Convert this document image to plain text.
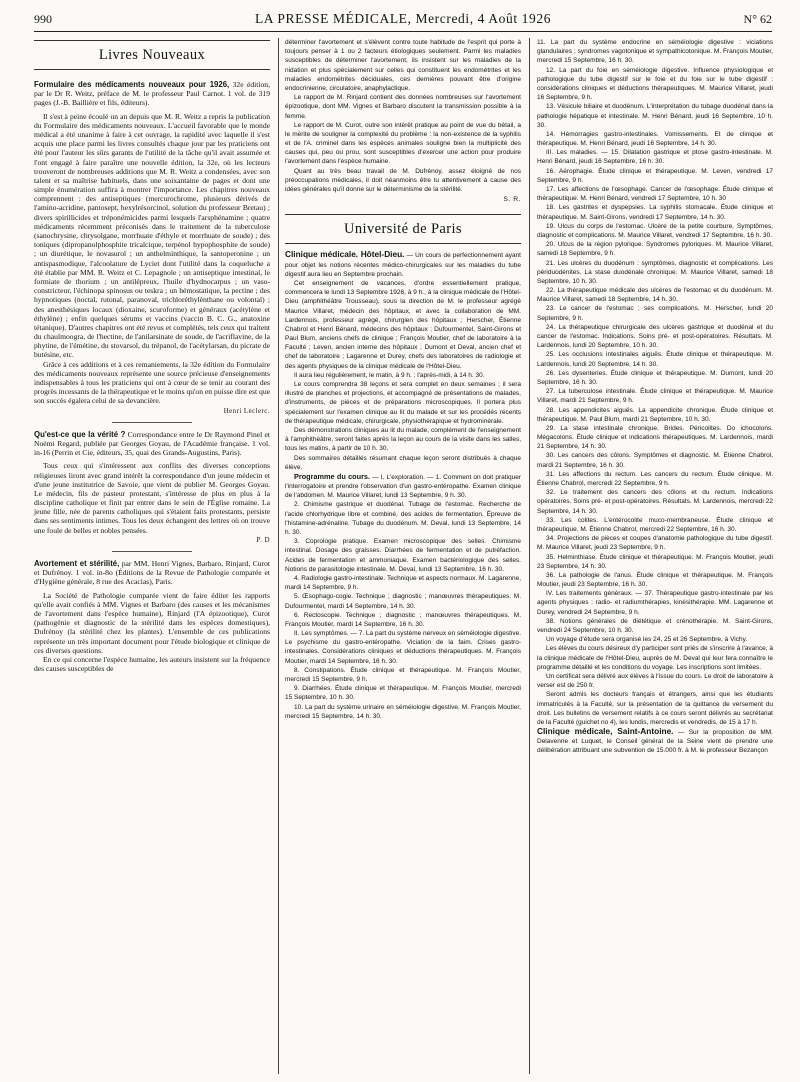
990	LA PRESSE MÉDICALE, Mercredi, 4 Août 1926	N° 62
Livres Nouveaux

Formulaire des médicaments nouveaux pour 1926, 32e édition, par le Dr R. Weitz, préface de M. le professeur Paul Carnot. 1 vol. de 319 pages (J.-B. Baillière et fils, éditeurs).

Il s'est à peine écoulé un an depuis que M. R. Weitz a repris la publication du Formulaire des médicaments nouveaux. L'accueil favorable que le monde médical a été unanime à faire à cet ouvrage, la rapidité avec laquelle il s'est acquis une place parmi les livres consultés chaque jour par les praticiens ont été pour l'auteur les sûrs garants de l'utilité de la tâche qu'il avait assumée et l'ont engagé à faire paraître une nouvelle édition, la 32e, où les lecteurs trouveront de nombreuses additions que M. R. Weitz a condensées, avec son talent et sa maîtrise habituels, dans une soixantaine de pages et dont une simple énumération suffira à montrer l'importance. Les chapitres nouveaux comprennent : des antiseptiques (mercurochrome, plusieurs dérivés de l'amino-acridine, pantosept, hexylrésorcinol, solution du professeur Bretau) ; divers spirillicides et tréponémicides parmi lesquels l'arsphénamine ; quatre médicaments récemment préconisés dans le traitement de la tuberculose (sanochrysine, chrysolgane, morrhuate d'éthyle et morrhuate de soude) ; des toniques (dipropanolphosphite tricalcique, terpénol hypophosphite de soude) ; un diurétique, le novasurol ; un anthelminthique, la santoperonine ; un antispasmodique, l'alcoolature de Lyciet dont l'utilité dans la coqueluche a été établie par MM. R. Weitz et C. Lepagnole ; un antiseptique intestinal, le formiate de thorium ; un antilépreux, l'huile d'hydnocarpus ; un vaso-constricteur, l'échinopa spinosus ou teskra ; un hémostatique, la pectine ; des hypnotiques (noctal, rutonal, paranoval, trichloréthylènthane ou volontal) ; des anesthésiques locaux (dioxaine, scuroforme) et généraux (acétylène et éthylène) ; enfin quelques sérums et vaccins (vaccin B. C. G., anatoxine tétanique). D'autres chapitres ont été revus et complétés, tels ceux qui traitent du chaulmoogra, de l'hectine, de l'anilarsinate de soude, de l'acriflavine, de la phytine, de l'émétine, du stovarsol, du trépanol, de l'acétylarsan, du picrate de butésine, etc.

Grâce à ces additions et à ces remaniements, la 32e édition du Formulaire des médicaments nouveaux représente une source précieuse d'enseignements indispensables à tous les praticiens qui ont à cœur de se tenir au courant des progrès incessants de la thérapeutique et le moins qu'on en puisse dire est que son succès égalera celui de sa devancière.

Henri Leclerc.

Qu'est-ce que la vérité ? Correspondance entre le Dr Raymond Pinel et Noémi Regard, publiée par Georges Goyau, de l'Académie française. 1 vol. in-16 (Perrin et Cie, éditeurs, 35, quai des Grands-Augustins, Paris).

Tous ceux qui s'intéressent aux conflits des diverses conceptions religieuses liront avec grand intérêt la correspondance d'un jeune médecin et d'une jeune institutrice de Savoie, que vient de publier M. Georges Goyau. Le médecin, fils de pasteur protestant, s'intéresse de plus en plus à la discipline catholique et finit par entrer dans le sein de l'Église romaine. La jeune fille, née de parents catholiques qui s'étaient faits protestants, persiste dans ses sentiments intimes. Tous les deux échangent des lettres où on trouve une foule de belles et nobles pensées.

P. D

Avortement et stérilité, par MM. Henri Vignes, Barbaro, Rinjard, Curot et Dufrénoy. 1 vol. in-8o (Éditions de la Revue de Pathologie comparée et d'Hygiène générale, 8 rue des Acacias), Paris.

La Société de Pathologie comparée vient de faire éditer les rapports qu'elle avait confiés à MM. Vignes et Barbaro (des causes et les mécanismes de l'avortement dans l'espèce humaine), Rinjard (l'A épizootique), Curot (pathogénie et diagnostic de la stérilité dans les espèces domestiques), Dufrénoy (la stérilité chez les plantes). L'ensemble de ces publications représente un très important document pour l'étude biologique et clinique de ces diverses questions.

En ce qui concerne l'espèce humaine, les auteurs insistent sur la fréquence des causes susceptibles de

déterminer l'avortement et s'élèvent contre toute habitude de l'esprit qui porte à toujours penser à 1 ou 2 facteurs étiologiques seulement. Parmi les maladies susceptibles de déterminer l'avortement, ils insistent sur les maladies de la nidation et plus spécialement sur celles qui constituent les endométrites et les maladies endométrites déciduales, ces dernières pouvant être d'origine endocrinienne, circulatoire, anaphylactique.

Le rapport de M. Rinjard contient des données nombreuses sur l'avortement épizootique, dont MM. Vignes et Barbaro discutent la transmission possible à la femme.

Le rapport de M. Curot, outre son intérêt pratique au point de vue du bétail, a le mérite de souligner la complexité du problème : la non-existence de la syphilis et de l'A. criminel dans les espèces animales souligne bien la multiplicité des causes qui, peu ou prou, sont susceptibles d'exercer une action pour produire l'avortement dans l'espèce humaine.

Quant au très beau travail de M. Dufrénoy, assez éloigné de nos préoccupations médicales, il doit néanmoins être lu attentivement à cause des idées générales qu'il donne sur le déterminisme de la stérilité.

S. R.

Université de Paris

Clinique médicale. Hôtel-Dieu. — Un cours de perfectionnement ayant pour objet les notions récentes médico-chirurgicales sur les maladies du tube digestif aura lieu en Septembre prochain.

Cet enseignement de vacances, d'ordre essentiellement pratique, commencera le lundi 13 Septembre 1926, à 9 h., à la clinique médicale de l'Hôtel-Dieu (amphithéâtre Trousseau), sous la direction de M. le professeur agrégé Maurice Villaret, médecin des hôpitaux, et avec la collaboration de MM. Lardennois, professeur agrégé, chirurgien des hôpitaux ; Herscher, Étienne Chabrol et Henri Bénard, médecins des hôpitaux ; Dufourmentel, Saint-Girons et Paul Blum, anciens chefs de clinique ; François Moutier, chef de laboratoire à la Faculté ; Leven, ancien interne des hôpitaux ; Dumont et Deval, ancien chef et chef de laboratoire ; Lagarenne et Durey, chefs des laboratoires de radiologie et des agents physiques de la clinique médicale de l'Hôtel-Dieu.

Il aura lieu régulièrement, le matin, à 9 h. ; l'après-midi, à 14 h. 30.

Le cours comprendra 38 leçons et sera complet en deux semaines ; il sera illustré de planches et projections, et accompagné de présentations de malades, d'instruments, de pièces et de préparations microscopiques. Il portera plus spécialement sur l'examen clinique au lit du malade et sur les procédés récents de thérapeutique médicale, chirurgicale, physiothérapique et hydrominérale.

Des démonstrations cliniques au lit du malade, complément de l'enseignement à l'amphithéâtre, seront faites après la leçon au cours de la visite dans les salles, tous les matins, à partir de 10 h. 30.

Des sommaires détaillés résumant chaque leçon seront distribués à chaque élève.

Programme du cours. — I. L'exploration. — 1. Comment on doit pratiquer l'interrogatoire et prendre l'observation d'un gastro-entéropathe. Examen clinique de l'abdomen. M. Maurice Villaret, lundi 13 Septembre, 9 h. 30.

2. Chimisme gastrique et duodénal. Tubage de l'estomac. Recherche de l'acide chlorhydrique libre et combiné, des acides de fermentation. Épreuve de l'histamine-adrénaline. Tubage du duodénum. M. Deval, lundi 13 Septembre, 14 h. 30.

3. Coprologie pratique. Examen microscopique des selles. Chimisme intestinal. Dosage des graisses. Diarrhées de fermentation et de putréfaction. Acides de fermentation et ammoniaque. Examen bactériologique des selles. Notions de parasitologie intestinale. M. Deval, lundi 13 Septembre, 16 h. 30.

4. Radiologie gastro-intestinale. Technique et aspects normaux. M. Lagarenne, mardi 14 Septembre, 9 h.

5. Œsophago-cogie. Technique ; diagnostic ; manœuvres thérapeutiques. M. Dufourmentel, mardi 14 Septembre, 14 h. 30.

6. Rectoscopie. Technique ; diagnostic ; manœuvres thérapeutiques. M. François Moutier, mardi 14 Septembre, 16 h. 30.

II. Les symptômes. — 7. La part du système nerveux en séméiologie digestive. Le psychisme du gastro-entéropathe. Viciation de la faim. Crises gastro-intestinales. Considérations cliniques et déductions thérapeutiques. M. François Moutier, mardi 14 Septembre, 16 h. 30.

8. Constipations. Étude clinique et thérapeutique. M. François Moutier, mercredi 15 Septembre, 9 h.

9. Diarrhées. Étude clinique et thérapeutique. M. François Moutier, mercredi 15 Septembre, 10 h. 30.

10. La part du système urinaire en séméiologie digestive. M. François Moutier, mercredi 15 Septembre, 14 h. 30.

11. La part du système endocrine en séméiologie digestive : viciations glandulaires ; syndromes vagotonique et sympathicotonique. M. François Moutier, mercredi 15 Septembre, 16 h. 30.

12. La part du foie en séméiologie digestive. Influence physiologique et pathologique du tube digestif sur le foie et du foie sur le tube digestif : considérations cliniques et déductions thérapeutiques. M. Maurice Villaret, jeudi 16 Septembre, 9 h.

13. Vésicule biliaire et duodénum. L'interprétation du tubage duodénal dans la pathologie hépatique et intestinale. M. Henri Bénard, jeudi 16 Septembre, 10 h. 30.

14. Hémorragies gastro-intestinales. Vomissements. Et de clinique et thérapeutique. M. Henri Bénard, jeudi 16 Septembre, 14 h. 30.

III. Les maladies. — 15. Dilatation gastrique et ptose gastro-intestinale. M. Henri Bénard, jeudi 16 Septembre, 16 h. 30.

16. Aérophagie. Étude clinique et thérapeutique. M. Leven, vendredi 17 Septembre, 9 h.

17. Les affections de l'œsophage. Cancer de l'œsophage. Étude clinique et thérapeutique. M. Henri Bénard, vendredi 17 Septembre, 10 h. 30

18. Les gastrites et dyspepsies. La syphilis stomacale. Étude clinique et thérapeutique. M. Saint-Girons, vendredi 17 Septembre, 14 h. 30.

19. Ulcus du corps de l'estomac. Ulcère de la petite courbure. Symptômes, diagnostic et complications. M. Maurice Villaret, vendredi 17 Septembre, 16 h. 30.

20. Ulcus de la région pylorique. Syndromes pyloriques. M. Maurice Villaret, samedi 18 Septembre, 9 h.

21. Les ulcères du duodénum : symptômes, diagnostic et complications. Les périduodénites. La stase duodénale chronique. M. Maurice Villaret, samedi 18 Septembre, 10 h. 30.

22. La thérapeutique médicale des ulcères de l'estomac et du duodénum. M. Maurice Villaret, samedi 18 Septembre, 14 h. 30.

23. Le cancer de l'estomac ; ses complications. M. Herscher, lundi 20 Septembre, 9 h.

24. La thérapeutique chirurgicale des ulcères gastrique et duodénal et du cancer de l'estomac. Indications. Soins pré- et post-opératoires. Résultats. M. Lardennois, lundi 20 Septembre, 10 h. 30.

25. Les occlusions intestinales aiguës. Étude clinique et thérapeutique. M. Lardennois, lundi 20 Septembre, 14 h. 30.

26. Les dysenteries. Étude clinique et thérapeutique. M. Dumont, lundi 20 Septembre, 16 h. 30.

27. La tuberculose intestinale. Étude clinique et thérapeutique. M. Maurice Villaret, mardi 21 Septembre, 9 h.

28. Les appendicites aiguës. La appendicite chronique. Étude clinique et thérapeutique. M. Paul Blum, mardi 21 Septembre, 10 h. 30.

29. La stase intestinale chronique. Brides. Péricolites. Do ichocolons. Mégacolons. Étude clinique et indications thérapeutiques. M. Lardennois, mardi 21 Septembre, 14 h. 30.

30. Les cancers des côlons. Symptômes et diagnostic. M. Étienne Chabrol, mardi 21 Septembre, 16 h. 30.

31. Les affections du rectum. Les cancers du rectum. Étude clinique. M. Étienne Chabrol, mercredi 22 Septembre, 9 h.

32. Le traitement des cancers des côlons et du rectum. Indications opératoires. Soins pré- et post-opératoires. Résultats. M. Lardennois, mercredi 22 Septembre, 14 h. 30.

33. Les colites. L'entérocolite muco-membraneuse. Étude clinique et thérapeutique. M. Étienne Chabrol, mercredi 22 Septembre, 16 h. 30.

34. Projections de pièces et coupes d'anatomie pathologique du tube digestif. M. Maurice Villaret, jeudi 23 Septembre, 9 h.

35. Helminthiase. Étude clinique et thérapeutique. M. François Moutier, jeudi 23 Septembre, 14 h. 30.

36. La pathologie de l'anus. Étude clinique et thérapeutique. M. François Moutier, jeudi 23 Septembre, 16 h. 30.

IV. Les traitements généraux. — 37. Thérapeutique gastro-intestinale par les agents physiques : radio- et radiumthérapies, kinésithérapie. MM. Lagarenne et Durey, vendredi 24 Septembre, 9 h.

38. Notions générales de diététique et crénothérapie. M. Saint-Girons, vendredi 24 Septembre, 10 h. 30.

Un voyage d'étude sera organisé les 24, 25 et 26 Septembre, à Vichy.

Les élèves du cours désireux d'y participer sont priés de s'inscrire à l'avance, à la clinique médicale de l'Hôtel-Dieu, auprès de M. Deval qui leur fera connaître le programme détaillé et les conditions du voyage. Les inscriptions sont limitées.

Un certificat sera délivré aux élèves à l'issue du cours. Le droit de laboratoire à verser est de 250 fr.

Seront admis les docteurs français et étrangers, ainsi que les étudiants immatriculés à la Faculté, sur la présentation de la quittance de versement du droit. Les bulletins de versement relatifs à ce cours seront délivrés au secrétariat de la Faculté (guichet no 4), les lundis, mercredis et vendredis, de 15 à 17 h.

Clinique médicale, Saint-Antoine. — Sur la proposition de MM. Delavenne et Luquet, le Conseil général de la Seine vient de prendre une délibération attribuant une subvention de 15.000 fr. à M. le professeur Bezançon
